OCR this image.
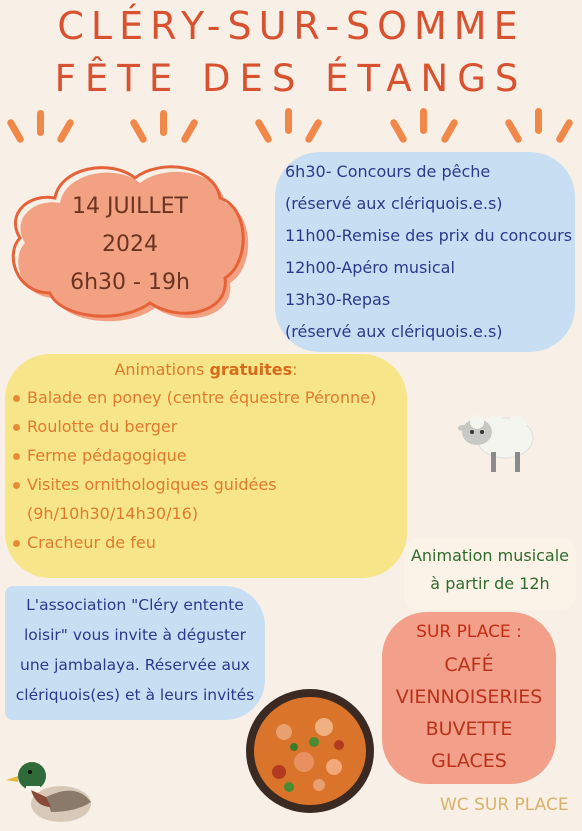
CLÉRY-SUR-SOMME
FÊTE DES ÉTANGS
14 JUILLET
2024
6h30 - 19h
6h30- Concours de pêche
(réservé aux clériquois.e.s)
11h00-Remise des prix du concours
12h00-Apéro musical
13h30-Repas
(réservé aux clériquois.e.s)
Animations gratuites:
Balade en poney (centre équestre Péronne)
Roulotte du berger
Ferme pédagogique
Visites ornithologiques guidées
(9h/10h30/14h30/16)
Cracheur de feu
Animation musicale
à partir de 12h
L'association "Cléry entente
loisir" vous invite à déguster
une jambalaya. Réservée aux
clériquois(es) et à leurs invités
SUR PLACE :
CAFÉ
VIENNOISERIES
BUVETTE
GLACES
WC SUR PLACE
